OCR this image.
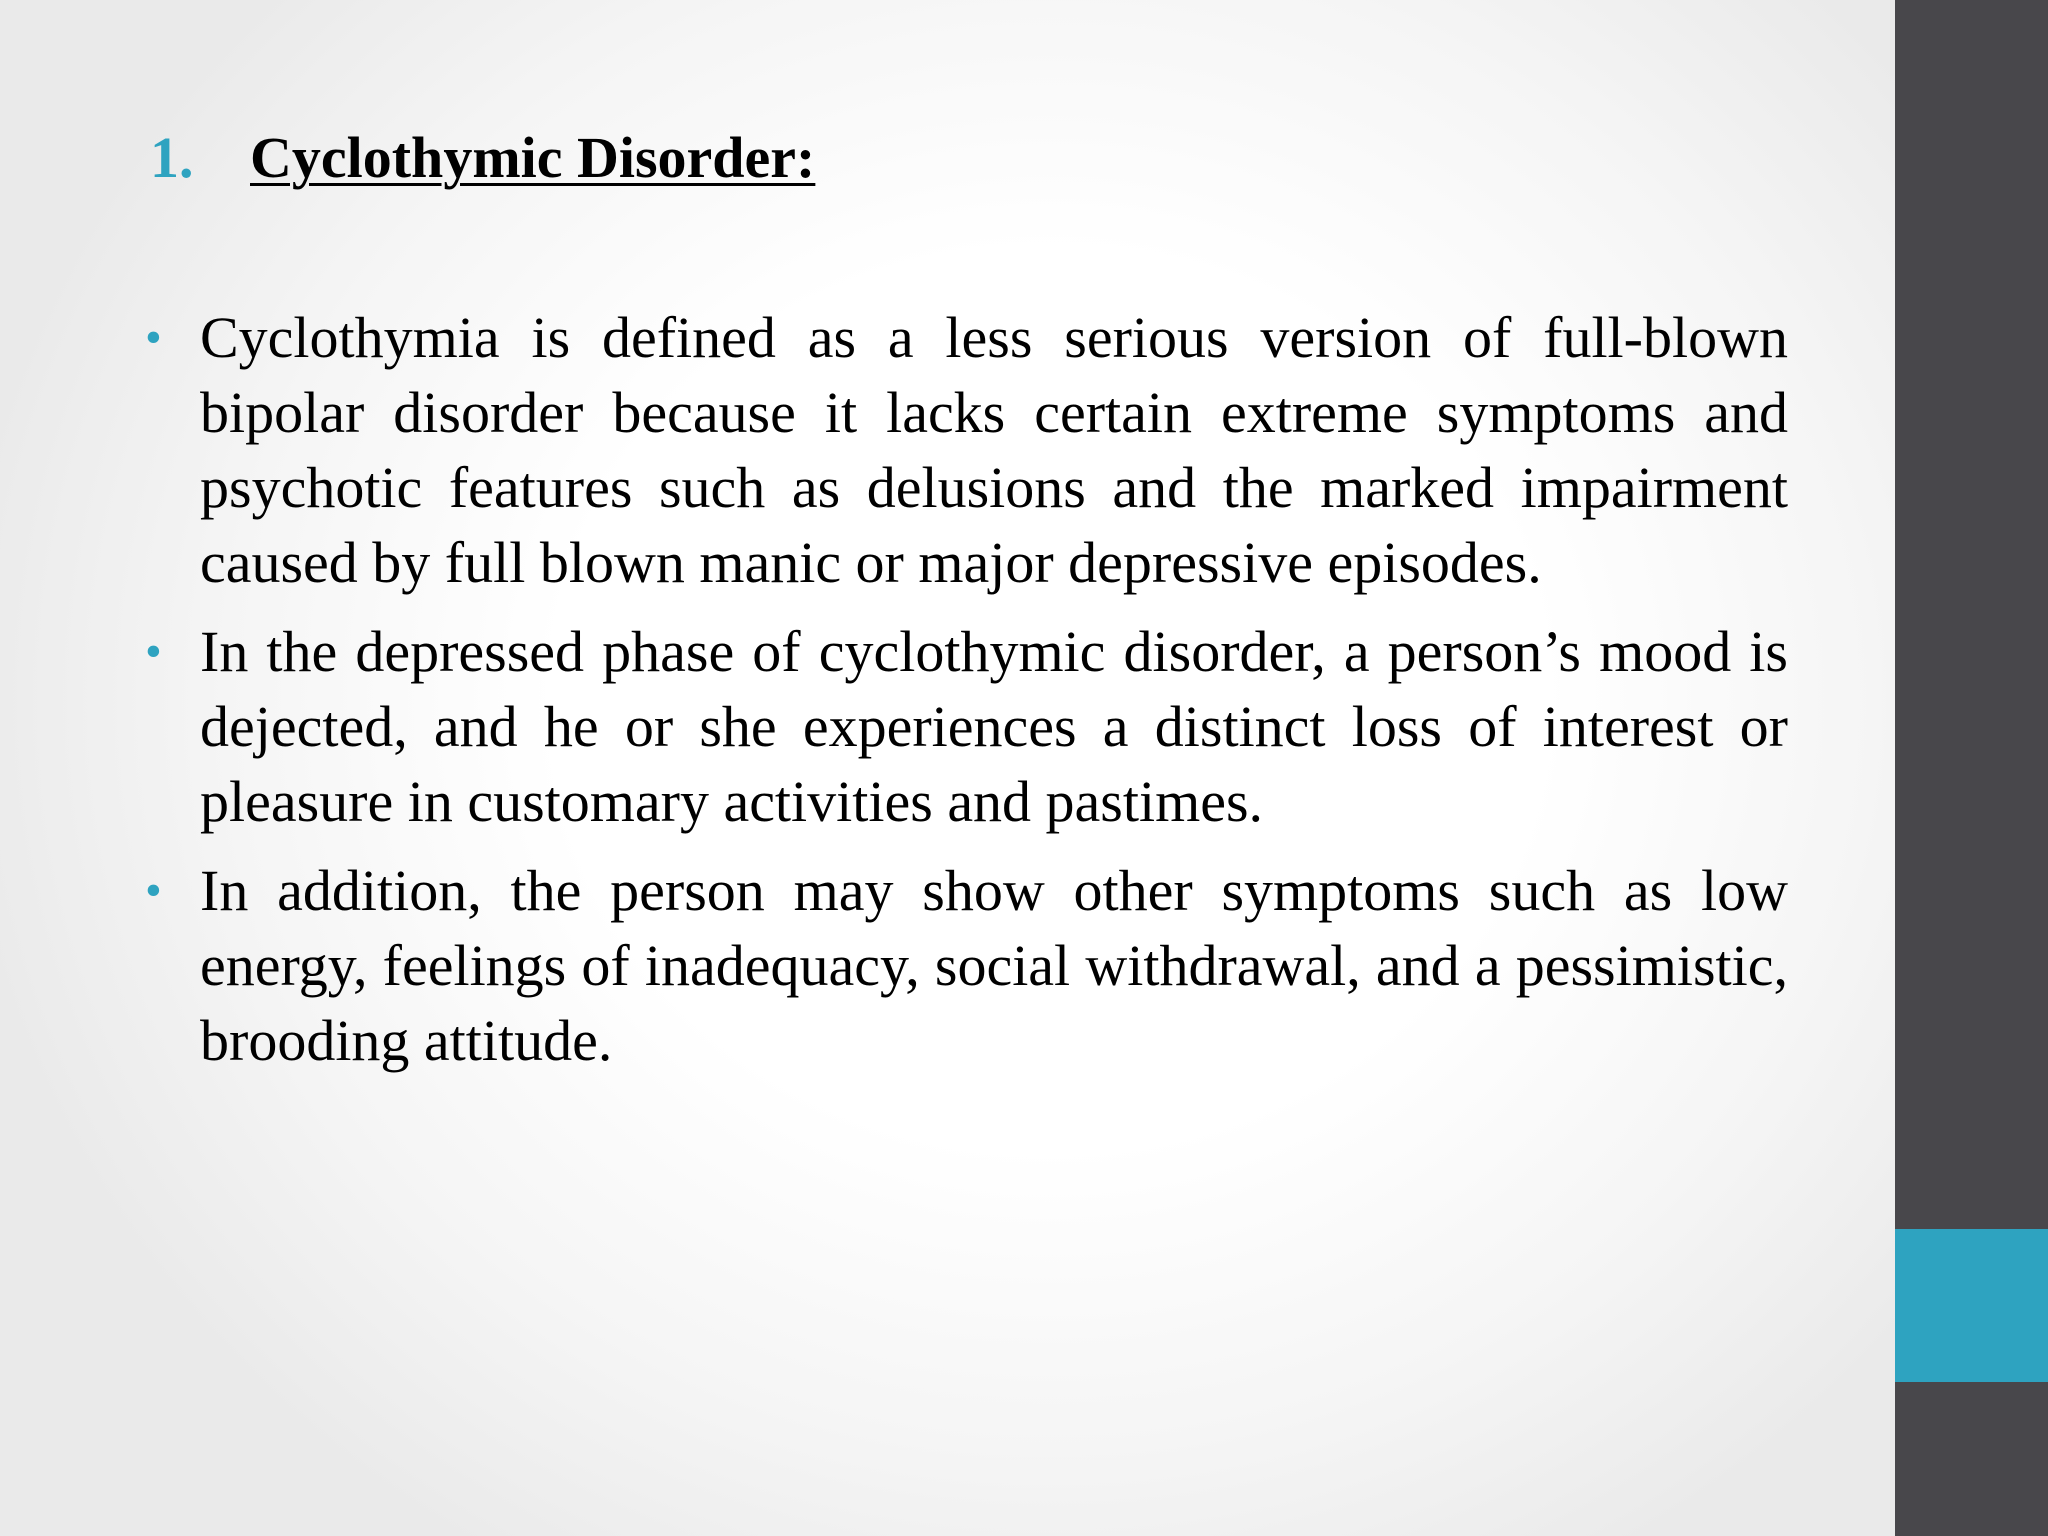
1. Cyclothymic Disorder:
• Cyclothymia is defined as a less serious version of full-blown bipolar disorder because it lacks certain extreme symptoms and psychotic features such as delusions and the marked impairment caused by full blown manic or major depressive episodes.
• In the depressed phase of cyclothymic disorder, a person’s mood is dejected, and he or she experiences a distinct loss of interest or pleasure in customary activities and pastimes.
• In addition, the person may show other symptoms such as low energy, feelings of inadequacy, social withdrawal, and a pessimistic, brooding attitude.
